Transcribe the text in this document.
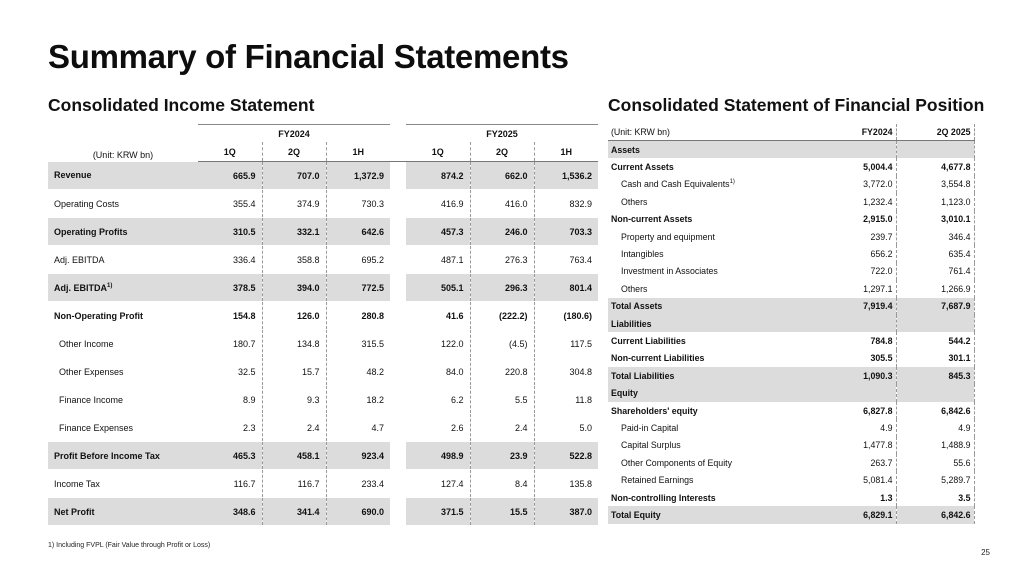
Summary of Financial Statements
Consolidated Income Statement	Consolidated Statement of Financial Position
(Unit: KRW bn)	FY2024				FY2025		
	1Q	2Q	1H		1Q	2Q	1H
Revenue	665.9	707.0	1,372.9		874.2	662.0	1,536.2
Operating Costs	355.4	374.9	730.3		416.9	416.0	832.9
Operating Profits	310.5	332.1	642.6		457.3	246.0	703.3
Adj. EBITDA	336.4	358.8	695.2		487.1	276.3	763.4
Adj. EBITDA$^{1)}$	378.5	394.0	772.5		505.1	296.3	801.4
Non-Operating Profit	154.8	126.0	280.8		41.6	(222.2)	(180.6)
Other Income	180.7	134.8	315.5		122.0	(4.5)	117.5
Other Expenses	32.5	15.7	48.2		84.0	220.8	304.8
Finance Income	8.9	9.3	18.2		6.2	5.5	11.8
Finance Expenses	2.3	2.4	4.7		2.6	2.4	5.0
Profit Before Income Tax	465.3	458.1	923.4		498.9	23.9	522.8
Income Tax	116.7	116.7	233.4		127.4	8.4	135.8
Net Profit	348.6	341.4	690.0		371.5	15.5	387.0
(Unit: KRW bn)	FY2024	2Q 2025
Assets		
Current Assets	5,004.4	4,677.8
Cash and Cash Equivalents$^{1)}$	3,772.0	3,554.8
Others	1,232.4	1,123.0
Non-current Assets	2,915.0	3,010.1
Property and equipment	239.7	346.4
Intangibles	656.2	635.4
Investment in Associates	722.0	761.4
Others	1,297.1	1,266.9
Total Assets	7,919.4	7,687.9
Liabilities		
Current Liabilities	784.8	544.2
Non-current Liabilities	305.5	301.1
Total Liabilities	1,090.3	845.3
Equity		
Shareholders' equity	6,827.8	6,842.6
Paid-in Capital	4.9	4.9
Capital Surplus	1,477.8	1,488.9
Other Components of Equity	263.7	55.6
Retained Earnings	5,081.4	5,289.7
Non-controlling Interests	1.3	3.5
Total Equity	6,829.1	6,842.6
1) Including FVPL (Fair Value through Profit or Loss)
25
